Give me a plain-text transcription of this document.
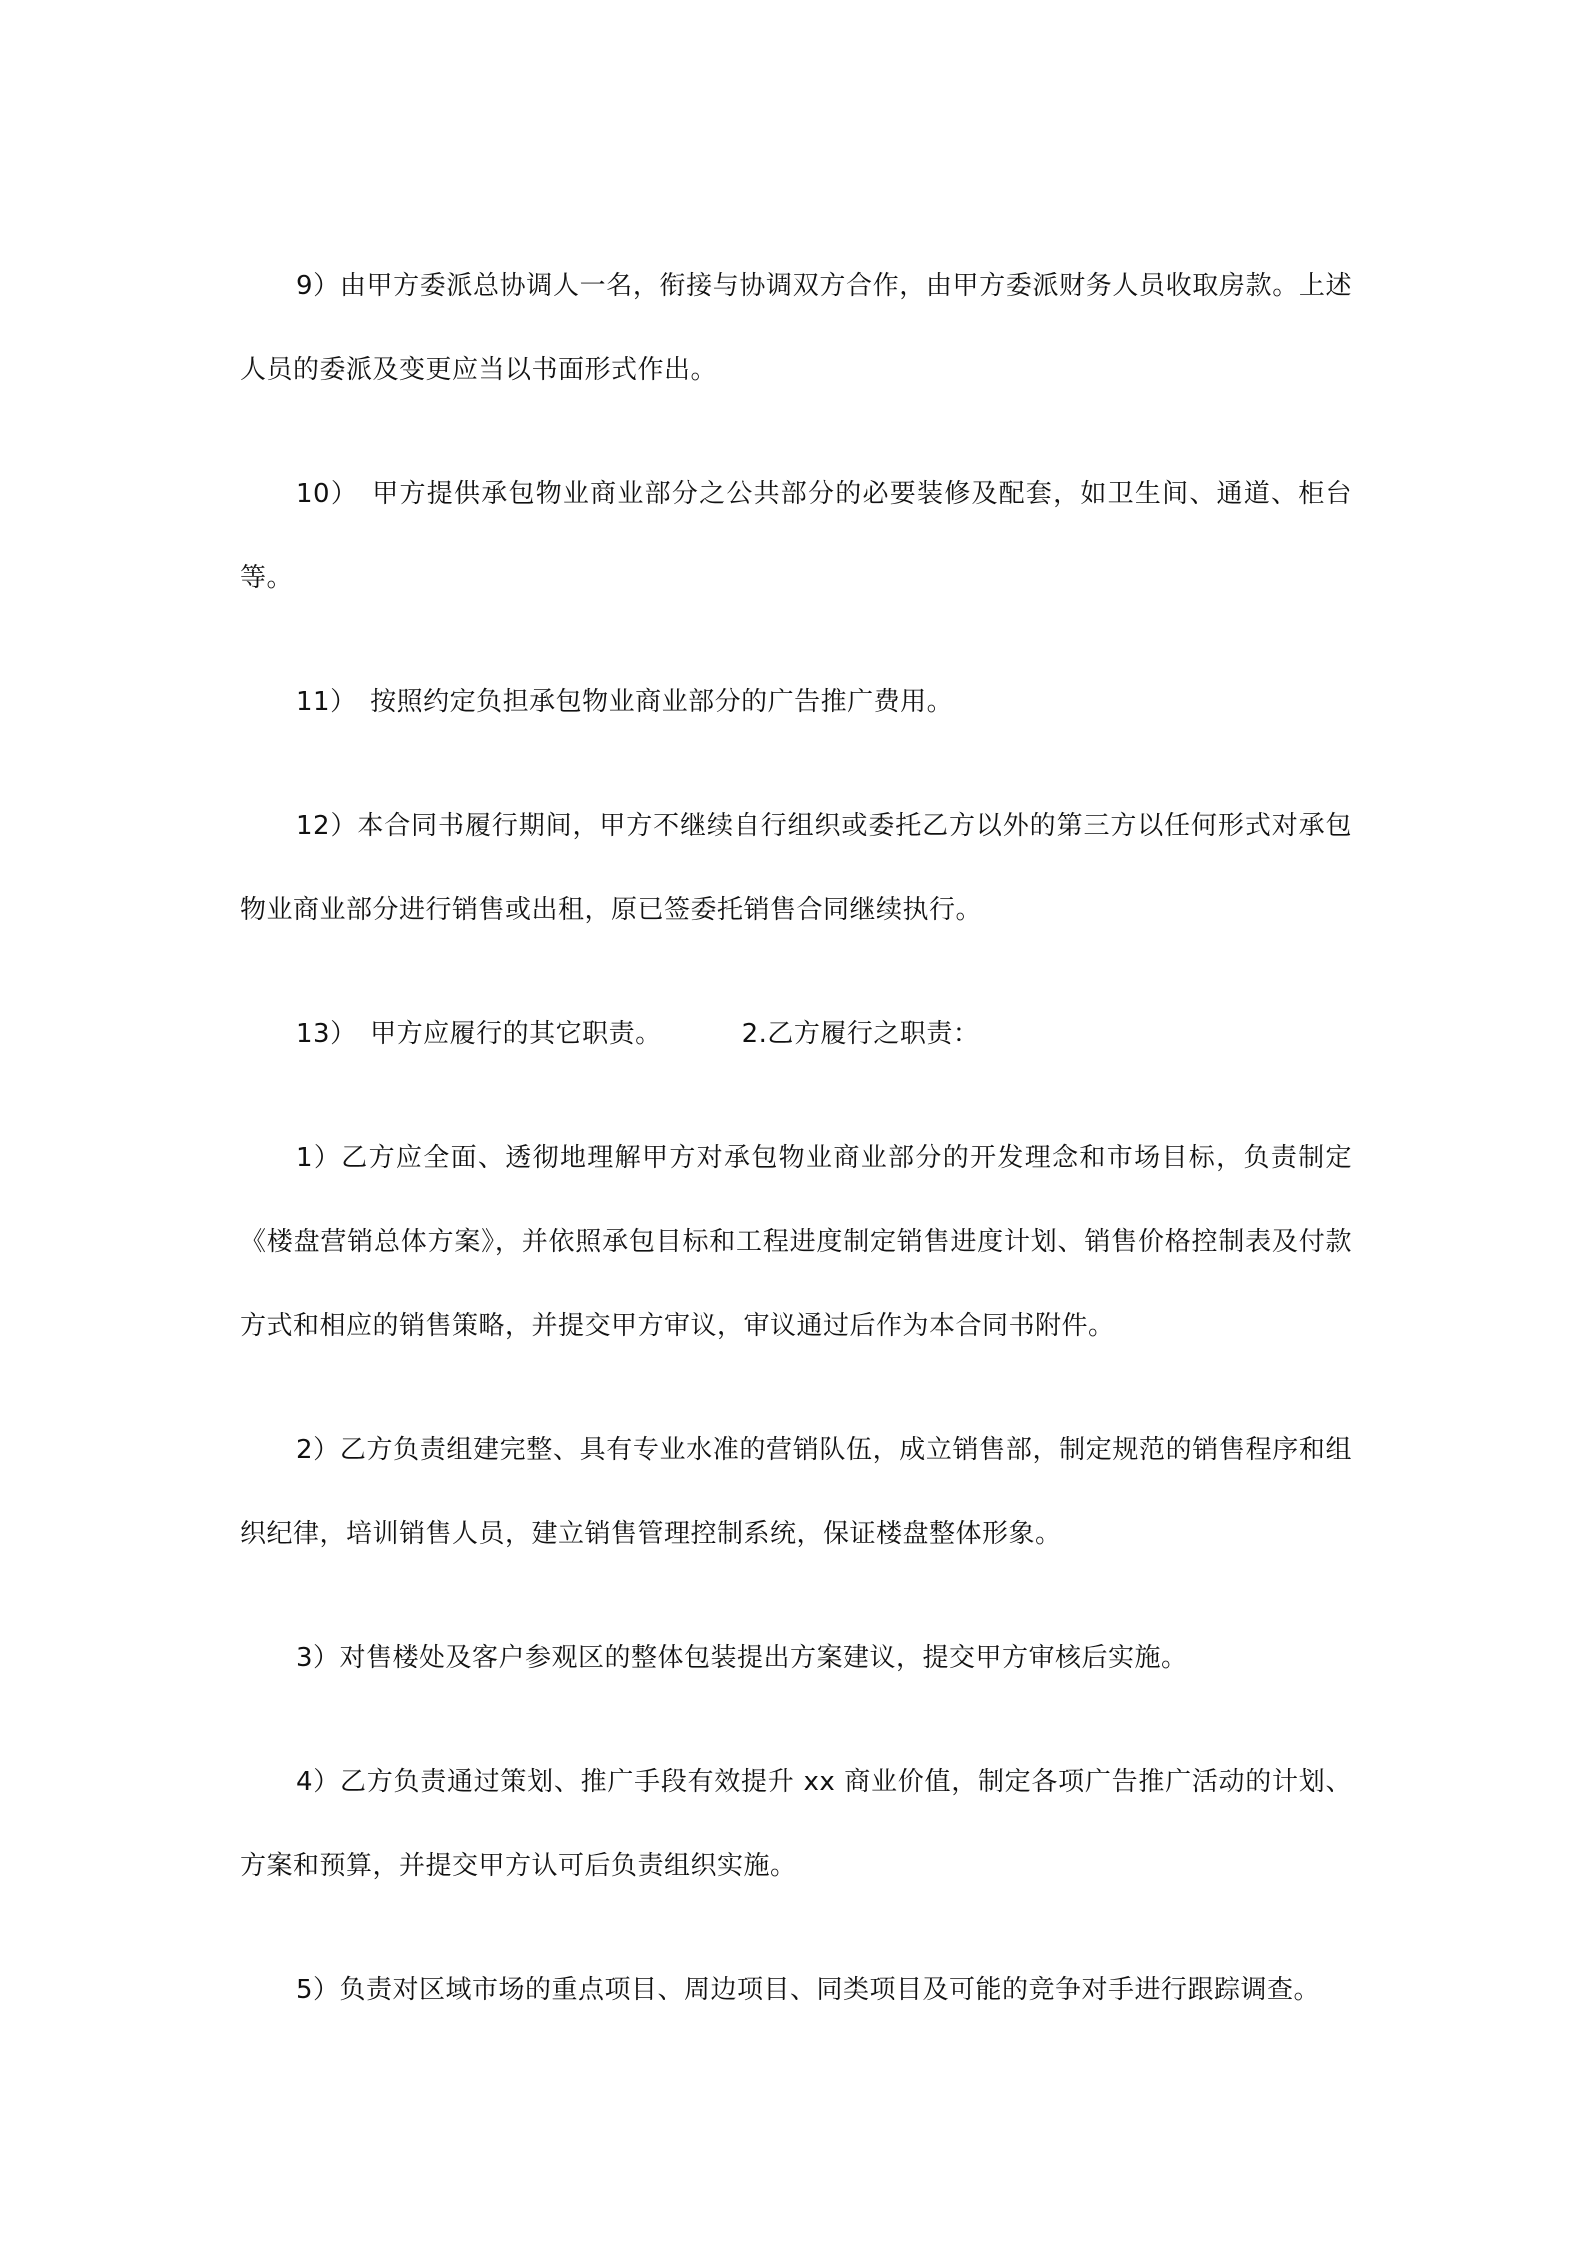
9）由甲方委派总协调人一名，衔接与协调双方合作，由甲方委派财务人员收取房款。上述人员的委派及变更应当以书面形式作出。

10）　甲方提供承包物业商业部分之公共部分的必要装修及配套，如卫生间、通道、柜台等。

11）　按照约定负担承包物业商业部分的广告推广费用。

12）本合同书履行期间，甲方不继续自行组织或委托乙方以外的第三方以任何形式对承包物业商业部分进行销售或出租，原已签委托销售合同继续执行。

13）　甲方应履行的其它职责。	2.乙方履行之职责：

1）乙方应全面、透彻地理解甲方对承包物业商业部分的开发理念和市场目标，负责制定《楼盘营销总体方案》，并依照承包目标和工程进度制定销售进度计划、销售价格控制表及付款方式和相应的销售策略，并提交甲方审议，审议通过后作为本合同书附件。

2）乙方负责组建完整、具有专业水准的营销队伍，成立销售部，制定规范的销售程序和组织纪律，培训销售人员，建立销售管理控制系统，保证楼盘整体形象。

3）对售楼处及客户参观区的整体包装提出方案建议，提交甲方审核后实施。

4）乙方负责通过策划、推广手段有效提升 xx 商业价值，制定各项广告推广活动的计划、方案和预算，并提交甲方认可后负责组织实施。

5）负责对区域市场的重点项目、周边项目、同类项目及可能的竞争对手进行跟踪调查。
